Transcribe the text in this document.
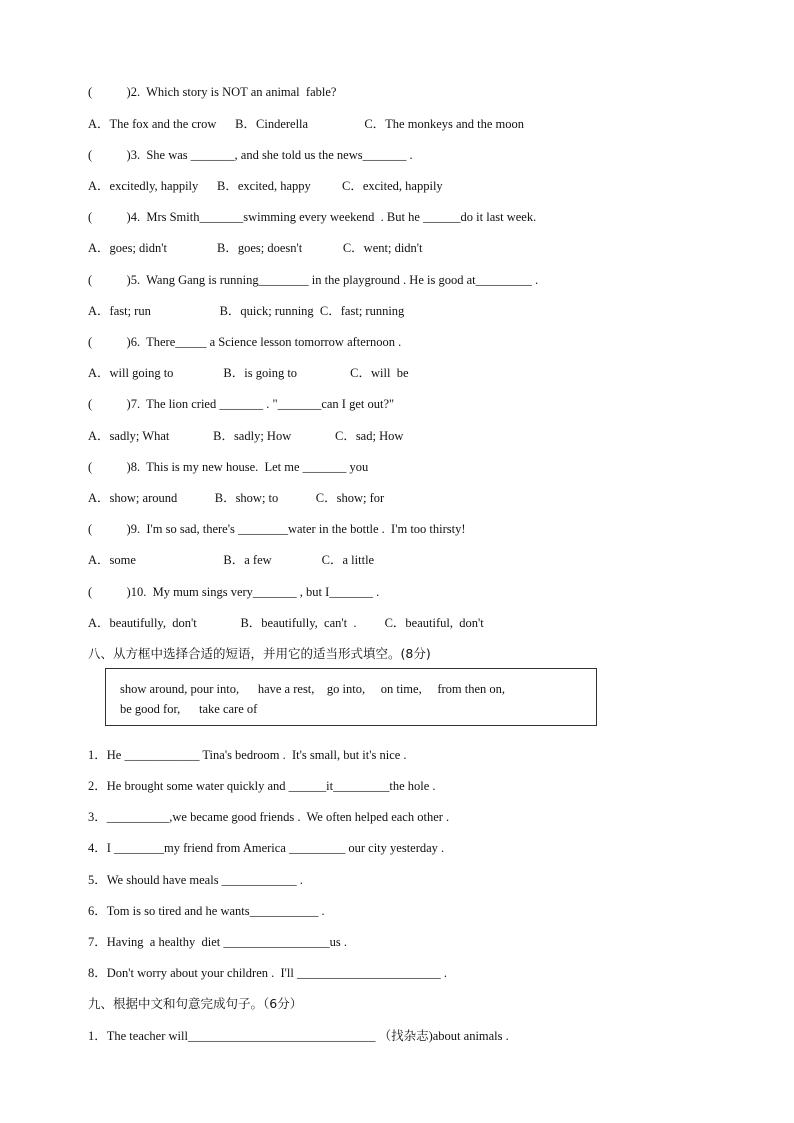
(           )2.  Which story is NOT an animal  fable?
A．The fox and the crow      B．Cinderella                  C．The monkeys and the moon
(           )3.  She was _______, and she told us the news_______ .
A．excitedly, happily      B．excited, happy          C．excited, happily
(           )4.  Mrs Smith_______swimming every weekend  . But he ______do it last week.
A．goes; didn't                B．goes; doesn't             C．went; didn't
(           )5.  Wang Gang is running________ in the playground . He is good at_________ .
A．fast; run                      B．quick; running  C．fast; running
(           )6.  There_____ a Science lesson tomorrow afternoon .
A．will going to                B．is going to                 C．will  be
(           )7.  The lion cried _______ . "_______can I get out?"
A．sadly; What              B．sadly; How              C．sad; How
(           )8.  This is my new house.  Let me _______ you
A．show; around            B．show; to            C．show; for
(           )9.  I'm so sad, there's ________water in the bottle .  I'm too thirsty!
A．some                            B．a few                C．a little
(           )10.  My mum sings very_______ , but I_______ .
A．beautifully,  don't              B．beautifully,  can't  .         C．beautiful,  don't
八、从方框中选择合适的短语，并用它的适当形式填空。(8分)
show around, pour into,      have a rest,    go into,     on time,     from then on,
be good for,      take care of
1．He ____________ Tina's bedroom .  It's small, but it's nice .
2．He brought some water quickly and ______it_________the hole .
3．__________,we became good friends .  We often helped each other .
4．I ________my friend from America _________ our city yesterday .
5．We should have meals ____________ .
6．Tom is so tired and he wants___________ .
7．Having  a healthy  diet _________________us .
8．Don't worry about your children .  I'll _______________________ .
九、根据中文和句意完成句子。（6分）
1．The teacher will______________________________ （找杂志)about animals .
